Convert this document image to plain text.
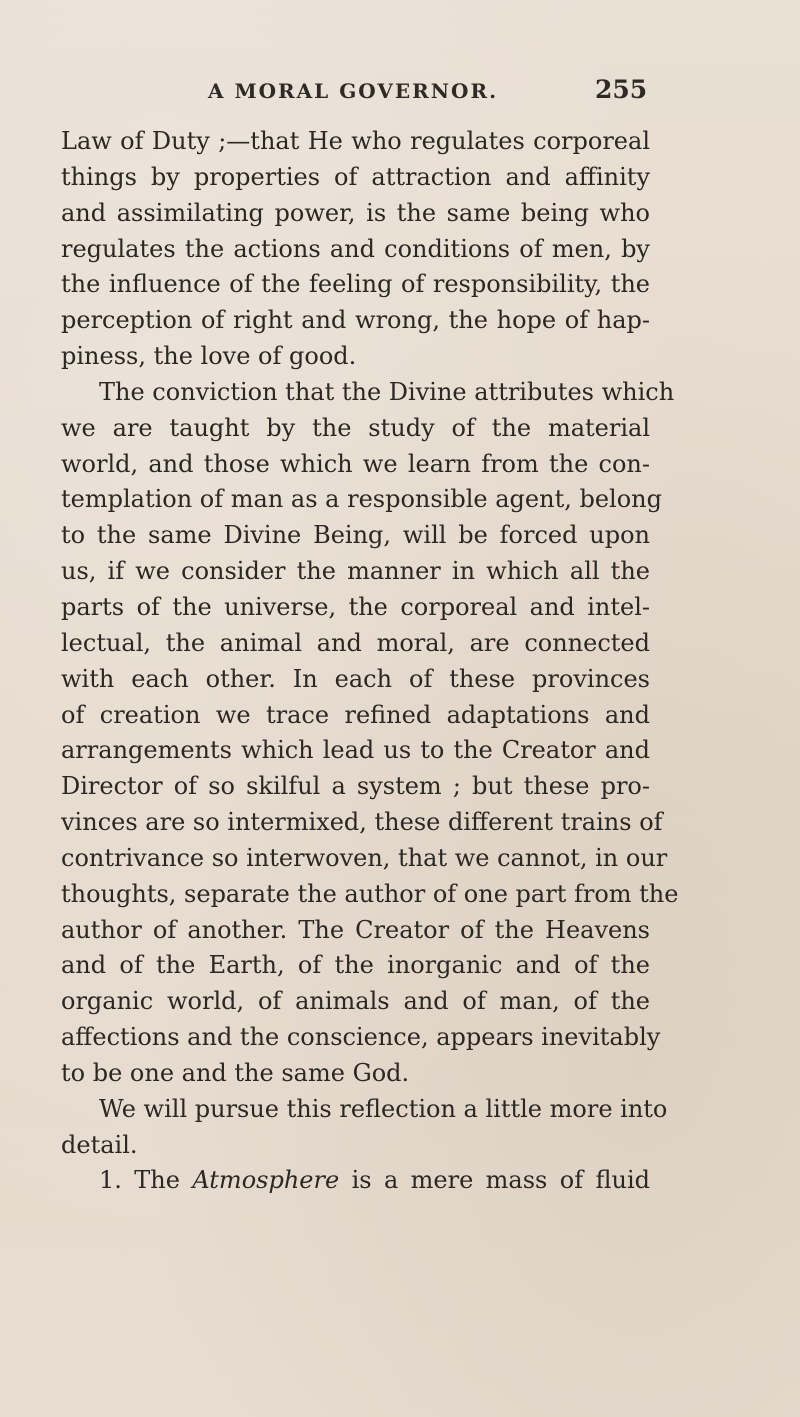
A MORAL GOVERNOR.	255
Law of Duty ;—that He who regulates corporeal
things by properties of attraction and affinity
and assimilating power, is the same being who
regulates the actions and conditions of men, by
the influence of the feeling of responsibility, the
perception of right and wrong, the hope of hap-
piness, the love of good.
The conviction that the Divine attributes which
we are taught by the study of the material
world, and those which we learn from the con-
templation of man as a responsible agent, belong
to the same Divine Being, will be forced upon
us, if we consider the manner in which all the
parts of the universe, the corporeal and intel-
lectual, the animal and moral, are connected
with each other. In each of these provinces
of creation we trace refined adaptations and
arrangements which lead us to the Creator and
Director of so skilful a system ; but these pro-
vinces are so intermixed, these different trains of
contrivance so interwoven, that we cannot, in our
thoughts, separate the author of one part from the
author of another. The Creator of the Heavens
and of the Earth, of the inorganic and of the
organic world, of animals and of man, of the
affections and the conscience, appears inevitably
to be one and the same God.
We will pursue this reflection a little more into
detail.
1. The Atmosphere is a mere mass of fluid
